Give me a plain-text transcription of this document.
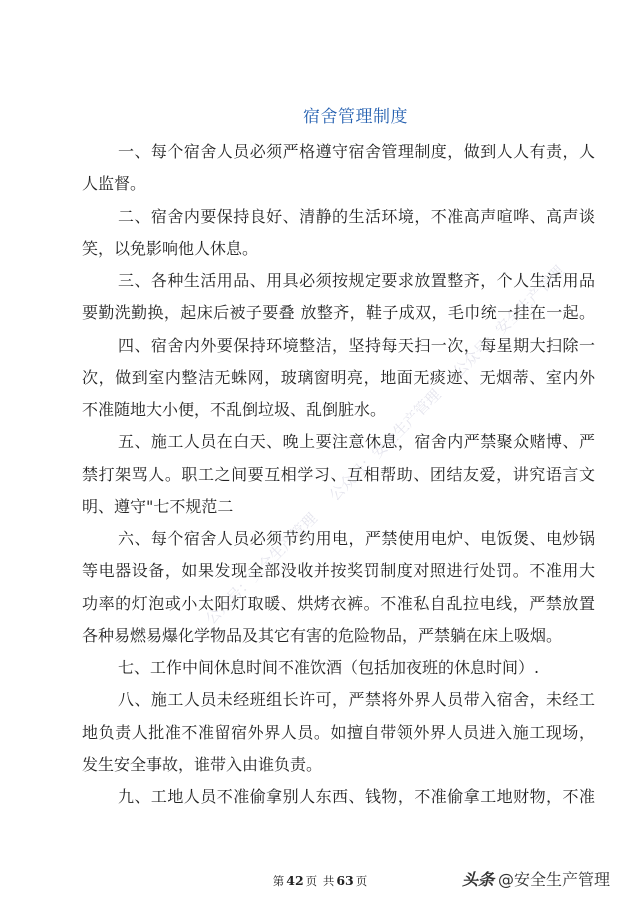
公众号：安全生产管理 公众号：安全生产管理 公众号：安全生产管理
宿舍管理制度
一、每个宿舍人员必须严格遵守宿舍管理制度，做到人人有责，人
人监督。
二、宿舍内要保持良好、清静的生活环境，不准高声喧哗、高声谈
笑，以免影响他人休息。
三、各种生活用品、用具必须按规定要求放置整齐，个人生活用品
要勤洗勤换，起床后被子要叠 放整齐，鞋子成双，毛巾统一挂在一起。
四、宿舍内外要保持环境整洁，坚持每天扫一次，每星期大扫除一
次，做到室内整洁无蛛网，玻璃窗明亮，地面无痰迹、无烟蒂、室内外
不准随地大小便，不乱倒垃圾、乱倒脏水。
五、施工人员在白天、晚上要注意休息，宿舍内严禁聚众赌博、严
禁打架骂人。职工之间要互相学习、互相帮助、团结友爱，讲究语言文
明、遵守"七不规范二
六、每个宿舍人员必须节约用电，严禁使用电炉、电饭煲、电炒锅
等电器设备，如果发现全部没收并按奖罚制度对照进行处罚。不准用大
功率的灯泡或小太阳灯取暖、烘烤衣裤。不准私自乱拉电线，严禁放置
各种易燃易爆化学物品及其它有害的危险物品，严禁躺在床上吸烟。
七、工作中间休息时间不准饮酒（包括加夜班的休息时间）.
八、施工人员未经班组长许可，严禁将外界人员带入宿舍，未经工
地负责人批准不准留宿外界人员。如擅自带领外界人员进入施工现场，
发生安全事故，谁带入由谁负责。
九、工地人员不准偷拿别人东西、钱物，不准偷拿工地财物，不准
第 42 页 共 63 页	头条 @安全生产管理
